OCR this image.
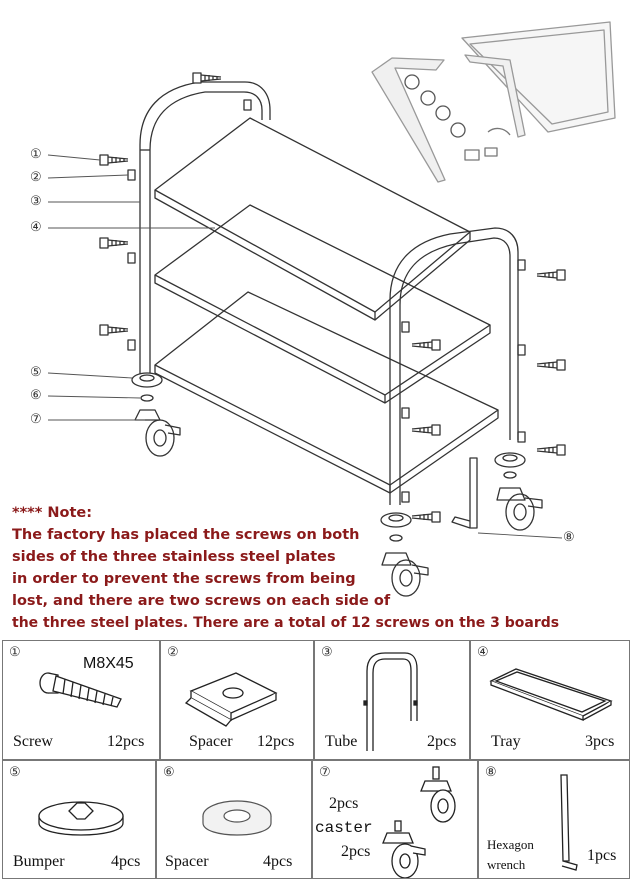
①
②
③
④
⑤
⑥
⑦
⑧
**** Note:
The factory has placed the screws on both
sides of the three stainless steel plates
in order to prevent the screws from being
lost, and there are two screws on each side of
the three steel plates. There are a total of 12 screws on the 3 boards
①
M8X45
Screw	12pcs
②
Spacer 12pcs
③
Tube	2pcs
④
Tray	3pcs
⑤
Bumper	4pcs
⑥
Spacer	4pcs
⑦
2pcs
caster
2pcs
⑧
Hexagon
wrench
1pcs
